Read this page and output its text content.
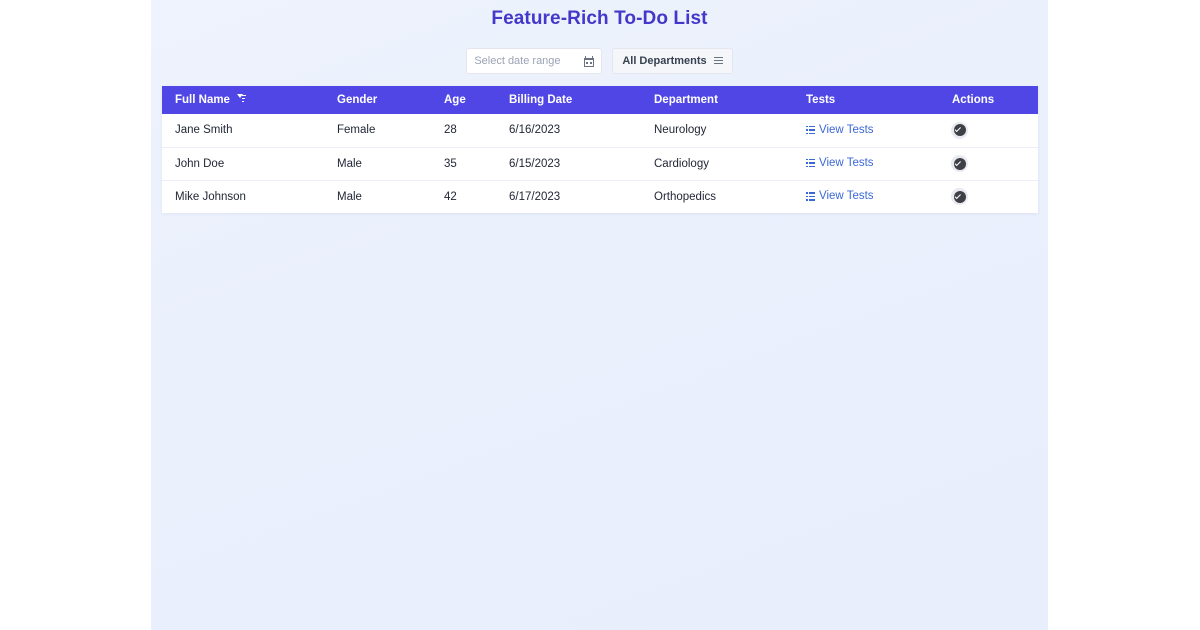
Feature-Rich To-Do List
Select date range	All Departments
Full Name	Gender	Age	Billing Date	Department	Tests	Actions
Jane Smith	Female	28	6/16/2023	Neurology	View Tests

John Doe	Male	35	6/15/2023	Cardiology	View Tests

Mike Johnson	Male	42	6/17/2023	Orthopedics	View Tests
